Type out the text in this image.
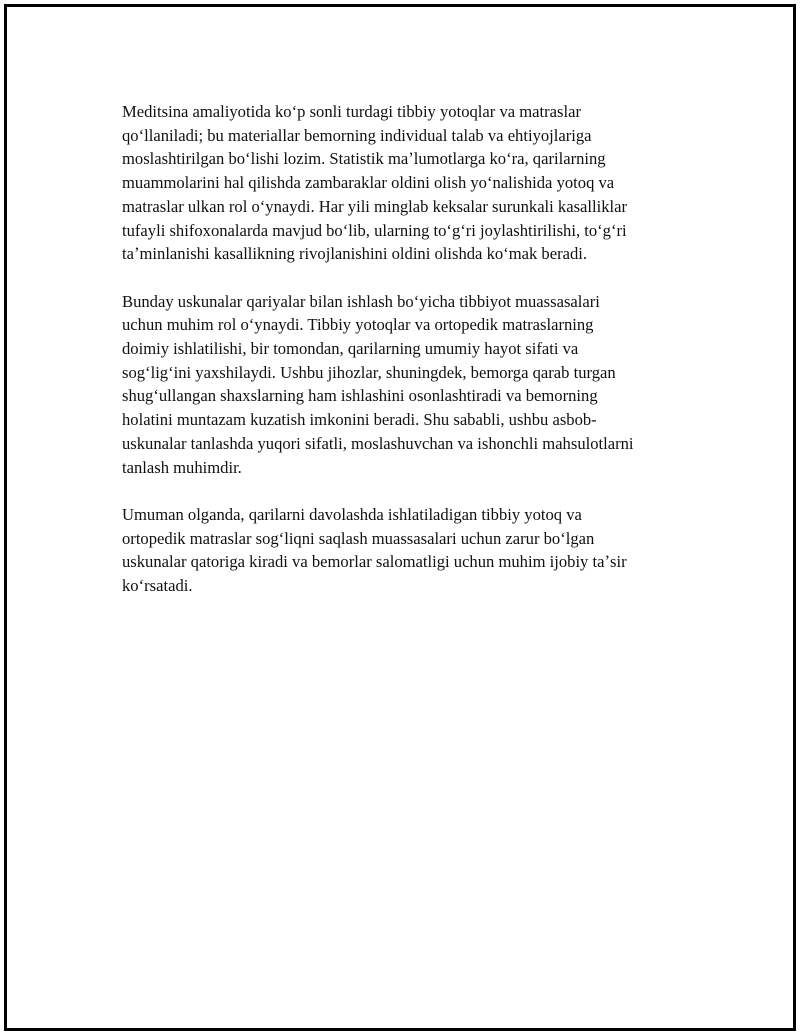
Meditsina amaliyotida koʻp sonli turdagi tibbiy yotoqlar va matraslar
qoʻllaniladi; bu materiallar bemorning individual talab va ehtiyojlariga
moslashtirilgan boʻlishi lozim. Statistik maʼlumotlarga koʻra, qarilarning
muammolarini hal qilishda zambaraklar oldini olish yoʻnalishida yotoq va
matraslar ulkan rol oʻynaydi. Har yili minglab keksalar surunkali kasalliklar
tufayli shifoxonalarda mavjud boʻlib, ularning toʻgʻri joylashtirilishi, toʻgʻri
taʼminlanishi kasallikning rivojlanishini oldini olishda koʻmak beradi.

Bunday uskunalar qariyalar bilan ishlash boʻyicha tibbiyot muassasalari
uchun muhim rol oʻynaydi. Tibbiy yotoqlar va ortopedik matraslarning
doimiy ishlatilishi, bir tomondan, qarilarning umumiy hayot sifati va
sogʻligʻini yaxshilaydi. Ushbu jihozlar, shuningdek, bemorga qarab turgan
shugʻullangan shaxslarning ham ishlashini osonlashtiradi va bemorning
holatini muntazam kuzatish imkonini beradi. Shu sababli, ushbu asbob-
uskunalar tanlashda yuqori sifatli, moslashuvchan va ishonchli mahsulotlarni
tanlash muhimdir.

Umuman olganda, qarilarni davolashda ishlatiladigan tibbiy yotoq va
ortopedik matraslar sogʻliqni saqlash muassasalari uchun zarur boʻlgan
uskunalar qatoriga kiradi va bemorlar salomatligi uchun muhim ijobiy taʼsir
koʻrsatadi.
